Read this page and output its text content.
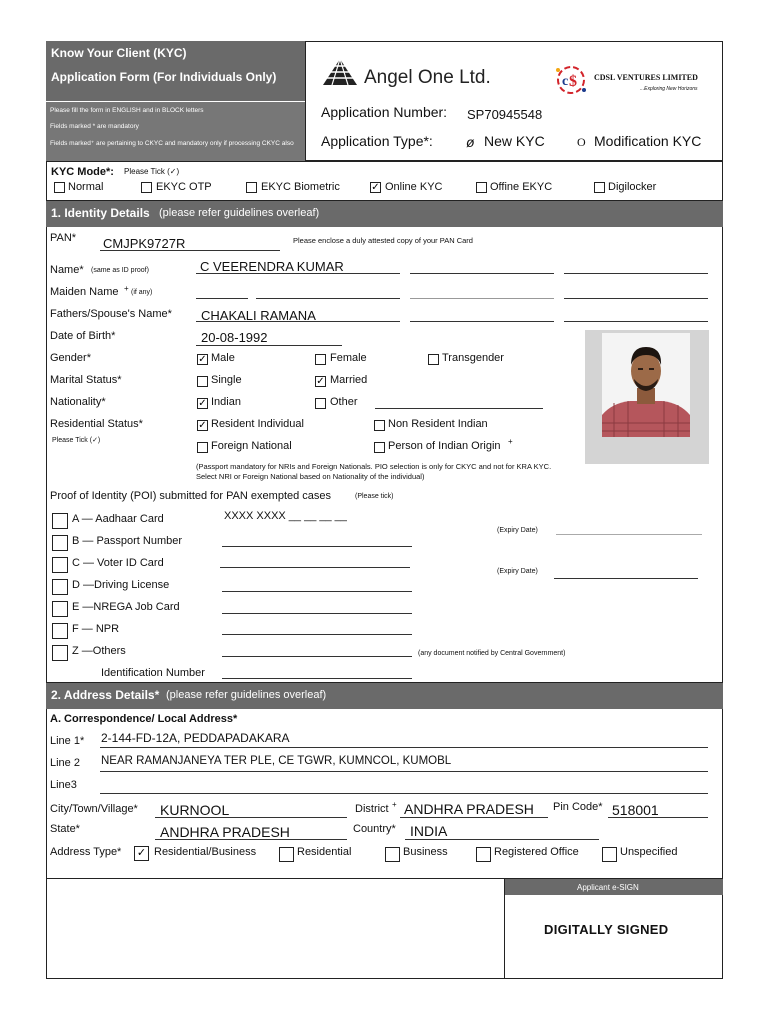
Know Your Client (KYC)
Application Form (For Individuals Only)
Please fill the form in ENGLISH and in BLOCK letters
Fields marked * are mandatory
Fields marked⁺ are pertaining to CKYC and mandatory only if processing CKYC also
Angel One Ltd.	c $ CDSL VENTURES LIMITED
...Exploring New Horizons
Application Number: SP70945548
Application Type*: ø New KYC	O Modification KYC
KYC Mode*: Please Tick (✓)
Normal	EKYC OTP	EKYC Biometric	✓ Online KYC	Offine EKYC	Digilocker
1. Identity Details (please refer guidelines overleaf)
PAN* CMJPK9727R	Please enclose a duly attested copy of your PAN Card
Name* (same as ID proof)	C VEERENDRA KUMAR
Maiden Name + (if any)
Fathers/Spouse's Name* CHAKALI RAMANA
Date of Birth*	20-08-1992
Gender*	✓ Male	Female	Transgender
Marital Status*	Single	✓ Married
Nationality*	✓ Indian	Other
Residential Status*
Please Tick (✓)
✓ Resident Individual	Non Resident Indian
Foreign National	Person of Indian Origin +
(Passport mandatory for NRIs and Foreign Nationals. PIO selection is only for CKYC and not for KRA KYC.
Select NRI or Foreign National based on Nationality of the individual)
Proof of Identity (POI) submitted for PAN exempted cases	(Please tick)
A — Aadhaar Card	XXXX XXXX __ __ __ __
(Expiry Date)
B — Passport Number
C — Voter ID Card
(Expiry Date)
D —Driving License
E —NREGA Job Card
F — NPR
Z —Others	(any document notified by Central Government)
Identification Number
2. Address Details* (please refer guidelines overleaf)
A. Correspondence/ Local Address*
Line 1* 2-144-FD-12A, PEDDAPADAKARA
Line 2 NEAR RAMANJANEYA TER PLE, CE TGWR, KUMNCOL, KUMOBL
Line3
City/Town/Village* KURNOOL	District + ANDHRA PRADESH Pin Code* 518001
State*	ANDHRA PRADESH	Country* INDIA
Address Type* ✓ Residential/Business	Residential	Business	Registered Office	Unspecified
Applicant e-SIGN
DIGITALLY SIGNED
